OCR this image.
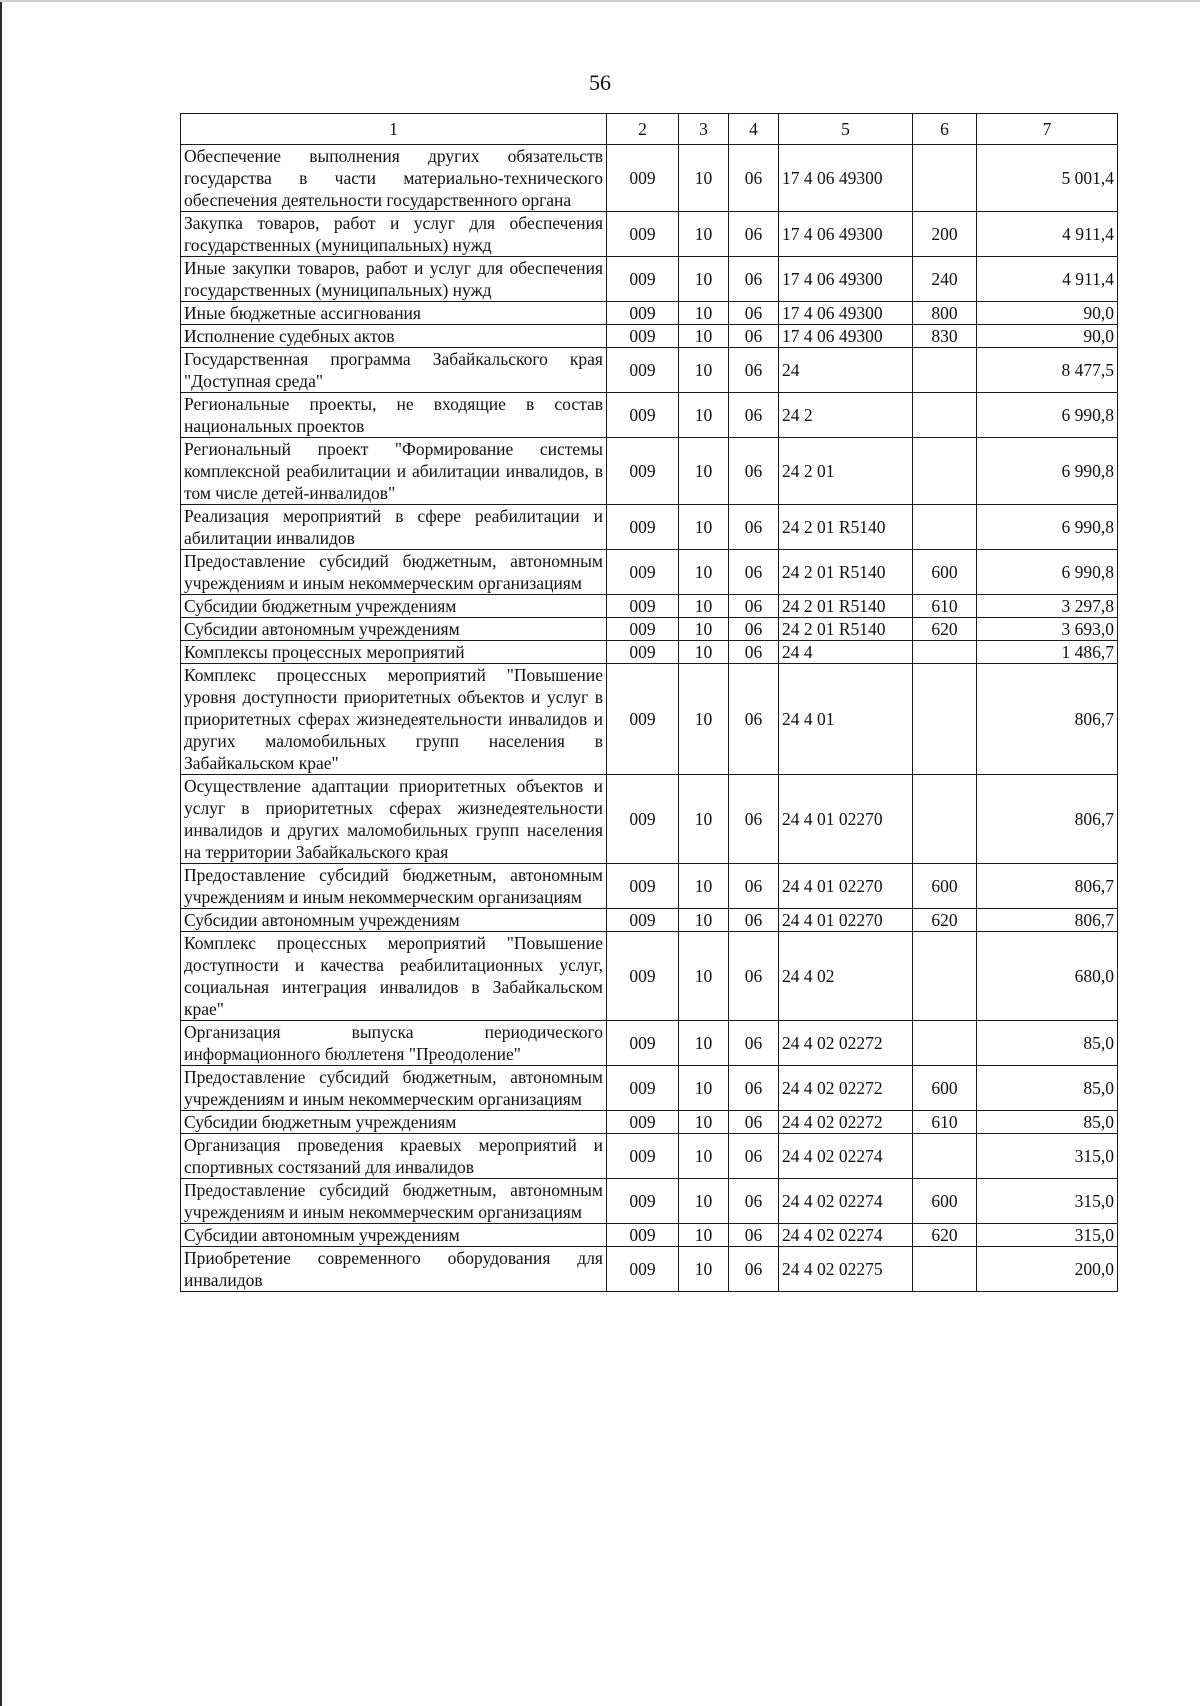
56
1	2	3	4	5	6	7
Обеспечение выполнения других обязательств государства в части материально-технического обеспечения деятельности государственного органа	009	10	06	17 4 06 49300		5 001,4
Закупка товаров, работ и услуг для обеспечения государственных (муниципальных) нужд	009	10	06	17 4 06 49300	200	4 911,4
Иные закупки товаров, работ и услуг для обеспечения государственных (муниципальных) нужд	009	10	06	17 4 06 49300	240	4 911,4
Иные бюджетные ассигнования	009	10	06	17 4 06 49300	800	90,0
Исполнение судебных актов	009	10	06	17 4 06 49300	830	90,0
Государственная программа Забайкальского края "Доступная среда"	009	10	06	24		8 477,5
Региональные проекты, не входящие в состав национальных проектов	009	10	06	24 2		6 990,8
Региональный проект "Формирование системы комплексной реабилитации и абилитации инвалидов, в том числе детей-инвалидов"	009	10	06	24 2 01		6 990,8
Реализация мероприятий в сфере реабилитации и абилитации инвалидов	009	10	06	24 2 01 R5140		6 990,8
Предоставление субсидий бюджетным, автономным учреждениям и иным некоммерческим организациям	009	10	06	24 2 01 R5140	600	6 990,8
Субсидии бюджетным учреждениям	009	10	06	24 2 01 R5140	610	3 297,8
Субсидии автономным учреждениям	009	10	06	24 2 01 R5140	620	3 693,0
Комплексы процессных мероприятий	009	10	06	24 4		1 486,7
Комплекс процессных мероприятий "Повышение уровня доступности приоритетных объектов и услуг в приоритетных сферах жизнедеятельности инвалидов и других маломобильных групп населения в Забайкальском крае"	009	10	06	24 4 01		806,7
Осуществление адаптации приоритетных объектов и услуг в приоритетных сферах жизнедеятельности инвалидов и других маломобильных групп населения на территории Забайкальского края	009	10	06	24 4 01 02270		806,7
Предоставление субсидий бюджетным, автономным учреждениям и иным некоммерческим организациям	009	10	06	24 4 01 02270	600	806,7
Субсидии автономным учреждениям	009	10	06	24 4 01 02270	620	806,7
Комплекс процессных мероприятий "Повышение доступности и качества реабилитационных услуг, социальная интеграция инвалидов в Забайкальском крае"	009	10	06	24 4 02		680,0
Организация выпуска периодического информационного бюллетеня "Преодоление"	009	10	06	24 4 02 02272		85,0
Предоставление субсидий бюджетным, автономным учреждениям и иным некоммерческим организациям	009	10	06	24 4 02 02272	600	85,0
Субсидии бюджетным учреждениям	009	10	06	24 4 02 02272	610	85,0
Организация проведения краевых мероприятий и спортивных состязаний для инвалидов	009	10	06	24 4 02 02274		315,0
Предоставление субсидий бюджетным, автономным учреждениям и иным некоммерческим организациям	009	10	06	24 4 02 02274	600	315,0
Субсидии автономным учреждениям	009	10	06	24 4 02 02274	620	315,0
Приобретение современного оборудования для инвалидов	009	10	06	24 4 02 02275		200,0
